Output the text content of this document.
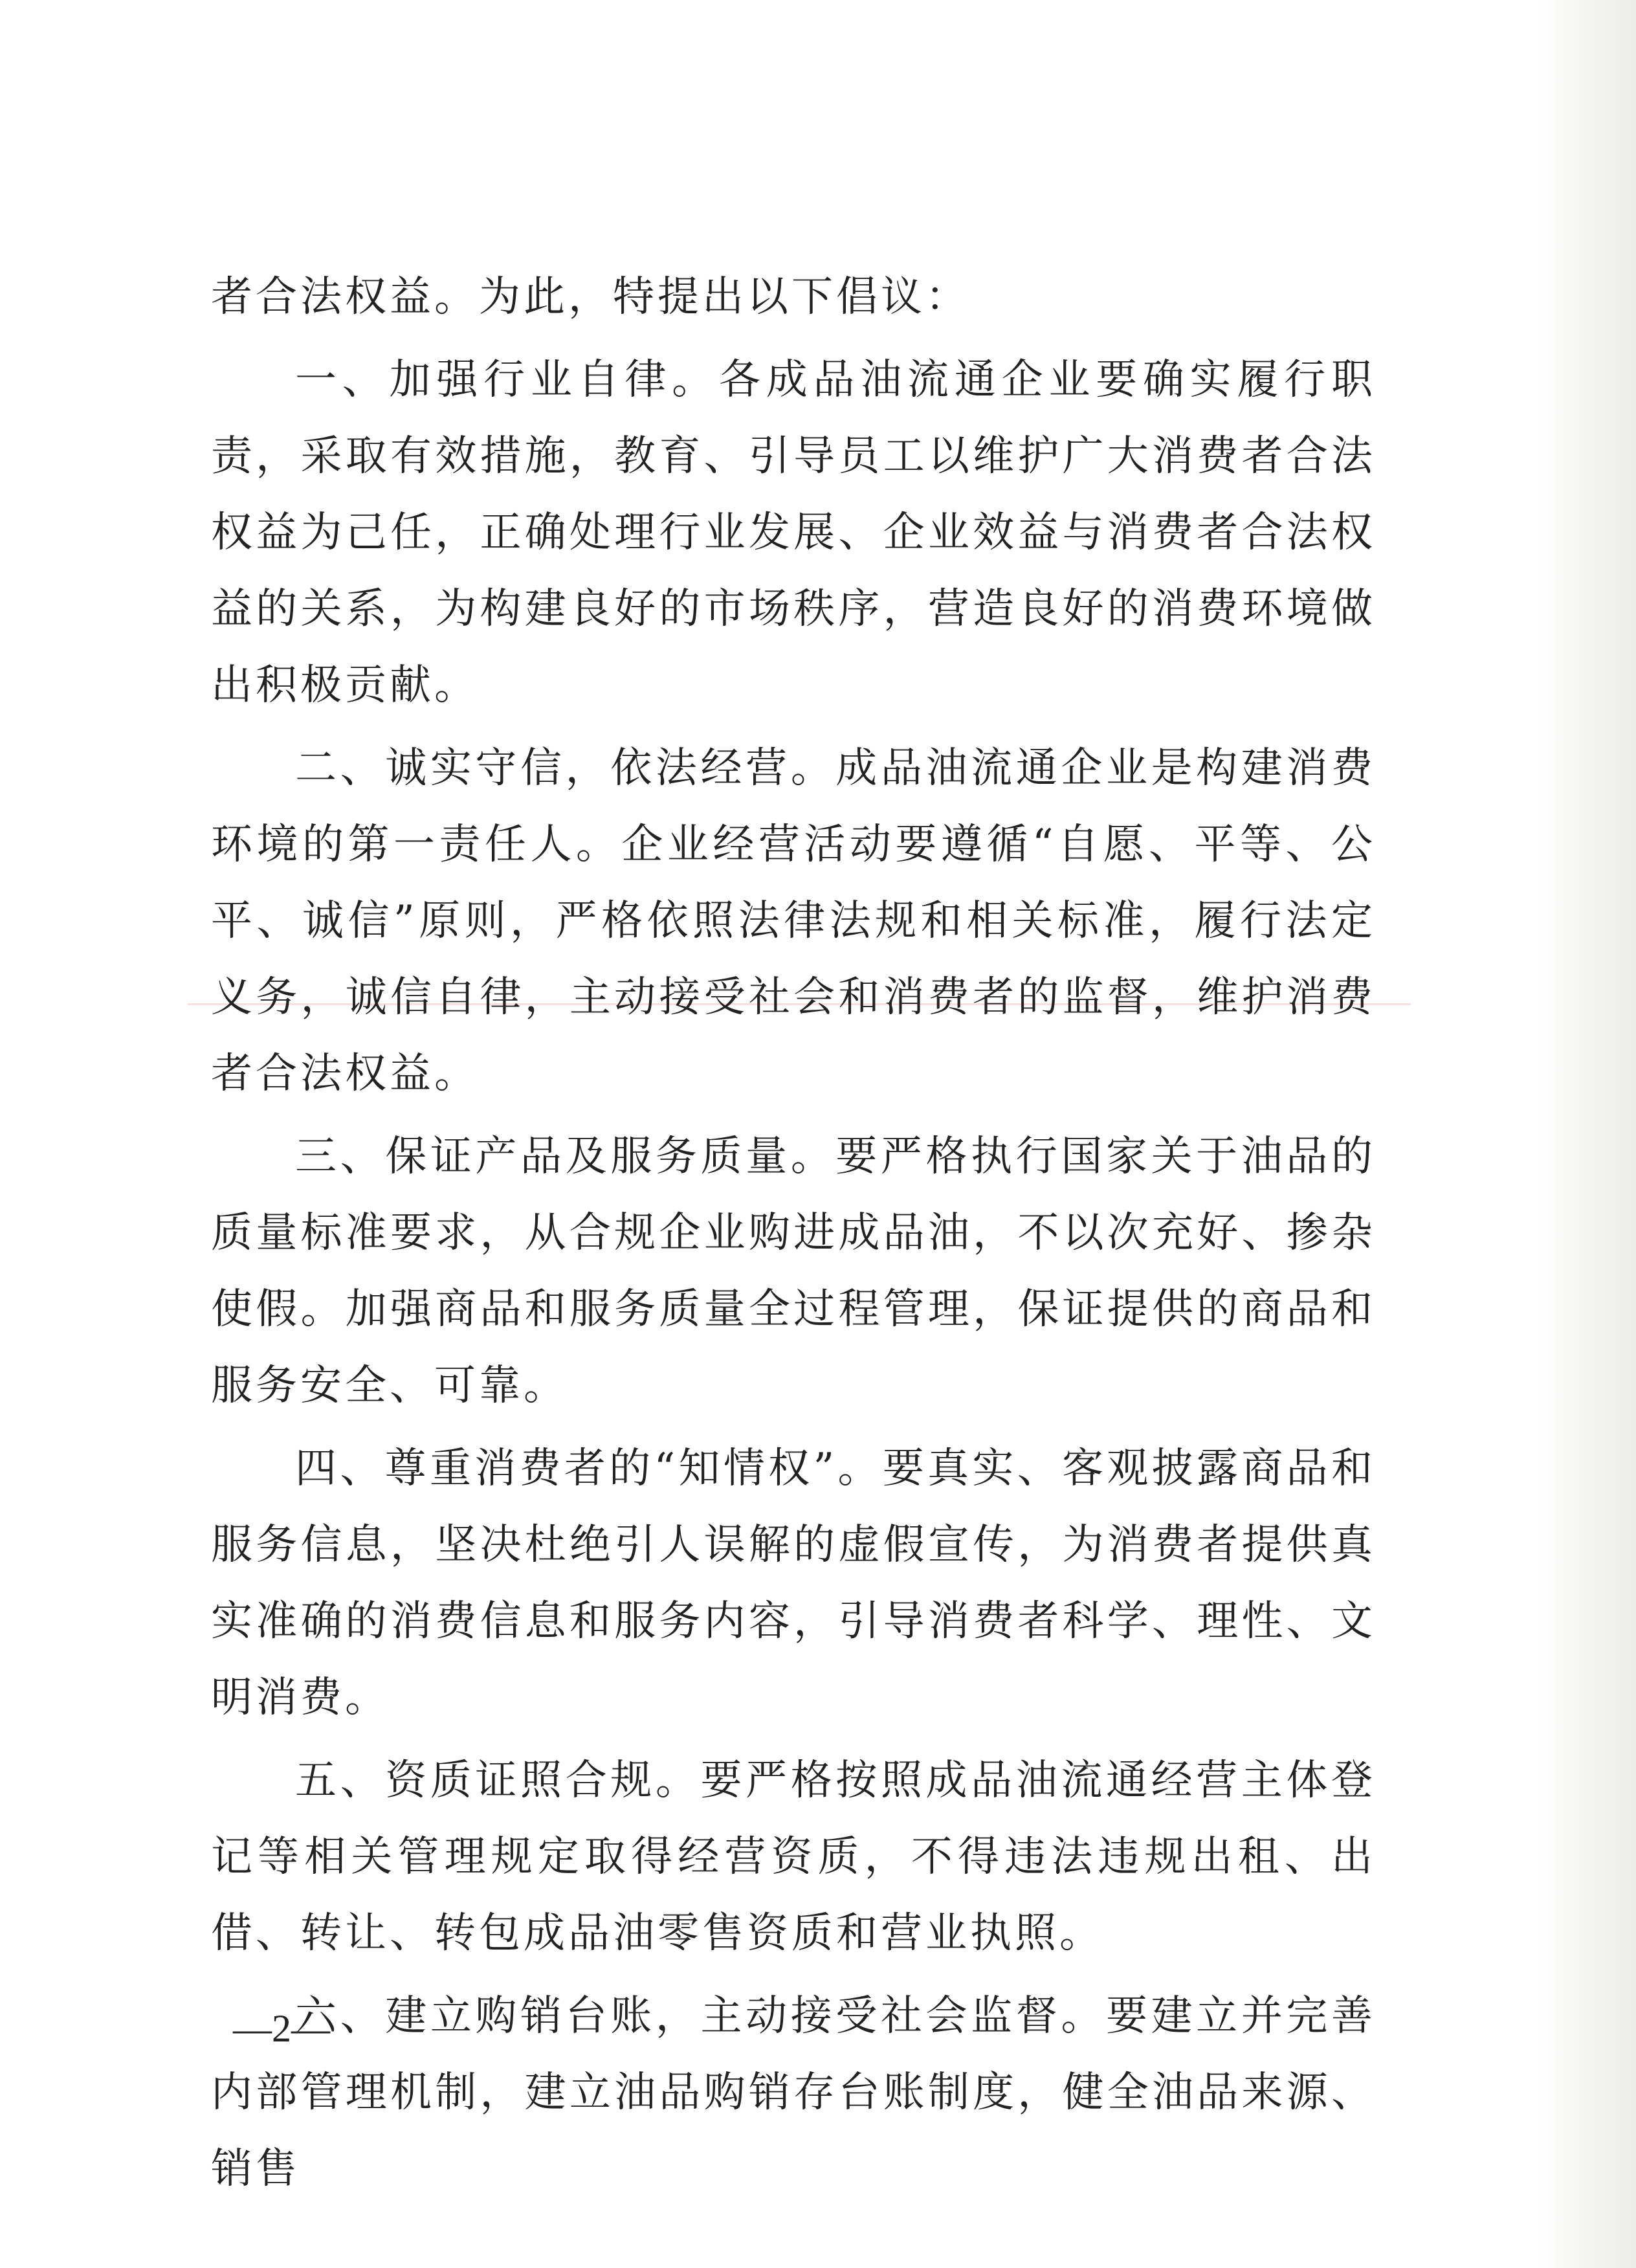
者合法权益。为此，特提出以下倡议：

一、加强行业自律。各成品油流通企业要确实履行职责，采取有效措施，教育、引导员工以维护广大消费者合法权益为己任，正确处理行业发展、企业效益与消费者合法权益的关系，为构建良好的市场秩序，营造良好的消费环境做出积极贡献。

二、诚实守信，依法经营。成品油流通企业是构建消费环境的第一责任人。企业经营活动要遵循“自愿、平等、公平、诚信”原则，严格依照法律法规和相关标准，履行法定义务，诚信自律，主动接受社会和消费者的监督，维护消费者合法权益。

三、保证产品及服务质量。要严格执行国家关于油品的质量标准要求，从合规企业购进成品油，不以次充好、掺杂使假。加强商品和服务质量全过程管理，保证提供的商品和服务安全、可靠。

四、尊重消费者的“知情权”。要真实、客观披露商品和服务信息，坚决杜绝引人误解的虚假宣传，为消费者提供真实准确的消费信息和服务内容，引导消费者科学、理性、文明消费。

五、资质证照合规。要严格按照成品油流通经营主体登记等相关管理规定取得经营资质，不得违法违规出租、出借、转让、转包成品油零售资质和营业执照。

六、建立购销台账，主动接受社会监督。要建立并完善内部管理机制，建立油品购销存台账制度，健全油品来源、销售

—2—
